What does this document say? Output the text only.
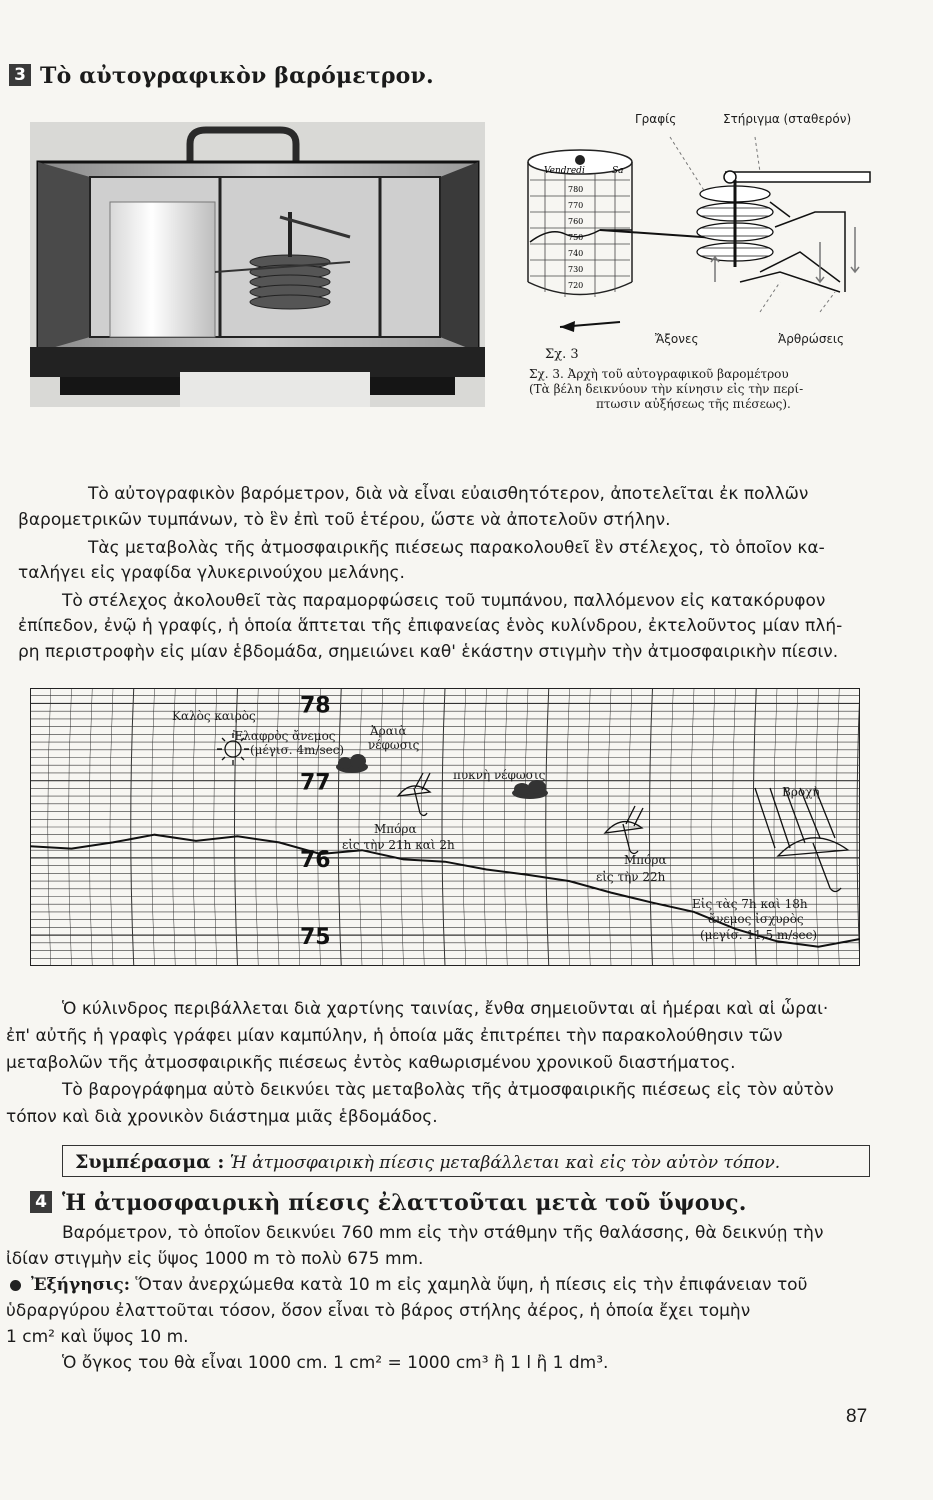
3 Τὸ αὐτογραφικὸν βαρόμετρον.
Γραφίς	Στήριγμα (σταθερόν)
Vendredi	Sa
780
770
760
750
740
730
720
Ἄξονες	Ἀρθρώσεις
Σχ. 3
Σχ. 3. Ἀρχὴ τοῦ αὐτογραφικοῦ βαρομέτρου
(Τὰ βέλη δεικνύουν τὴν κίνησιν εἰς τὴν περί-
πτωσιν αὐξήσεως τῆς πιέσεως).
Τὸ αὐτογραφικὸν βαρόμετρον, διὰ νὰ εἶναι εὐαισθητότερον, ἀποτελεῖται ἐκ πολλῶν
βαρομετρικῶν τυμπάνων, τὸ ἓν ἐπὶ τοῦ ἑτέρου, ὥστε νὰ ἀποτελοῦν στήλην.
Τὰς μεταβολὰς τῆς ἀτμοσφαιρικῆς πιέσεως παρακολουθεῖ ἓν στέλεχος, τὸ ὁποῖον κα-
ταλήγει εἰς γραφίδα γλυκερινούχου μελάνης.
Τὸ στέλεχος ἀκολουθεῖ τὰς παραμορφώσεις τοῦ τυμπάνου, παλλόμενον εἰς κατακόρυφον
ἐπίπεδον, ἐνῷ ἡ γραφίς, ἡ ὁποία ἅπτεται τῆς ἐπιφανείας ἑνὸς κυλίνδρου, ἐκτελοῦντος μίαν πλή-
ρη περιστροφὴν εἰς μίαν ἑβδομάδα, σημειώνει καθ' ἑκάστην στιγμὴν τὴν ἀτμοσφαιρικὴν πίεσιν.
78
77
76
75
Καλὸς καιρὸς
Ἐλαφρὸς ἄνεμος
(μέγισ. 4m/sec)
Ἀραιὰ
νέφωσις
πυκνὴ νέφωσις
Μπόρα
εἰς τὴν 21h καὶ 2h
Μπόρα
εἰς τὴν 22h
Βροχὴ
Εἰς τὰς 7h καὶ 18h
ἄνεμος ἰσχυρὸς
(μεγίσ. 11,5 m/sec)
Ὁ κύλινδρος περιβάλλεται διὰ χαρτίνης ταινίας, ἔνθα σημειοῦνται αἱ ἡμέραι καὶ αἱ ὧραι·
ἐπ' αὐτῆς ἡ γραφὶς γράφει μίαν καμπύλην, ἡ ὁποία μᾶς ἐπιτρέπει τὴν παρακολούθησιν τῶν
μεταβολῶν τῆς ἀτμοσφαιρικῆς πιέσεως ἐντὸς καθωρισμένου χρονικοῦ διαστήματος.
Τὸ βαρογράφημα αὐτὸ δεικνύει τὰς μεταβολὰς τῆς ἀτμοσφαιρικῆς πιέσεως εἰς τὸν αὐτὸν
τόπον καὶ διὰ χρονικὸν διάστημα μιᾶς ἑβδομάδος.
Συμπέρασμα : Ἡ ἀτμοσφαιρικὴ πίεσις μεταβάλλεται καὶ εἰς τὸν αὐτὸν τόπον.
4 Ἡ ἀτμοσφαιρικὴ πίεσις ἐλαττοῦται μετὰ τοῦ ὕψους.
Βαρόμετρον, τὸ ὁποῖον δεικνύει 760 mm εἰς τὴν στάθμην τῆς θαλάσσης, θὰ δεικνύῃ τὴν
ἰδίαν στιγμὴν εἰς ὕψος 1000 m τὸ πολὺ 675 mm.
Ἐξήγησις: Ὅταν ἀνερχώμεθα κατὰ 10 m εἰς χαμηλὰ ὕψη, ἡ πίεσις εἰς τὴν ἐπιφάνειαν τοῦ
ὑδραργύρου ἐλαττοῦται τόσον, ὅσον εἶναι τὸ βάρος στήλης ἀέρος, ἡ ὁποία ἔχει τομὴν
1 cm² καὶ ὕψος 10 m.
Ὁ ὄγκος του θὰ εἶναι 1000 cm. 1 cm² = 1000 cm³ ἢ 1 l ἢ 1 dm³.
87
